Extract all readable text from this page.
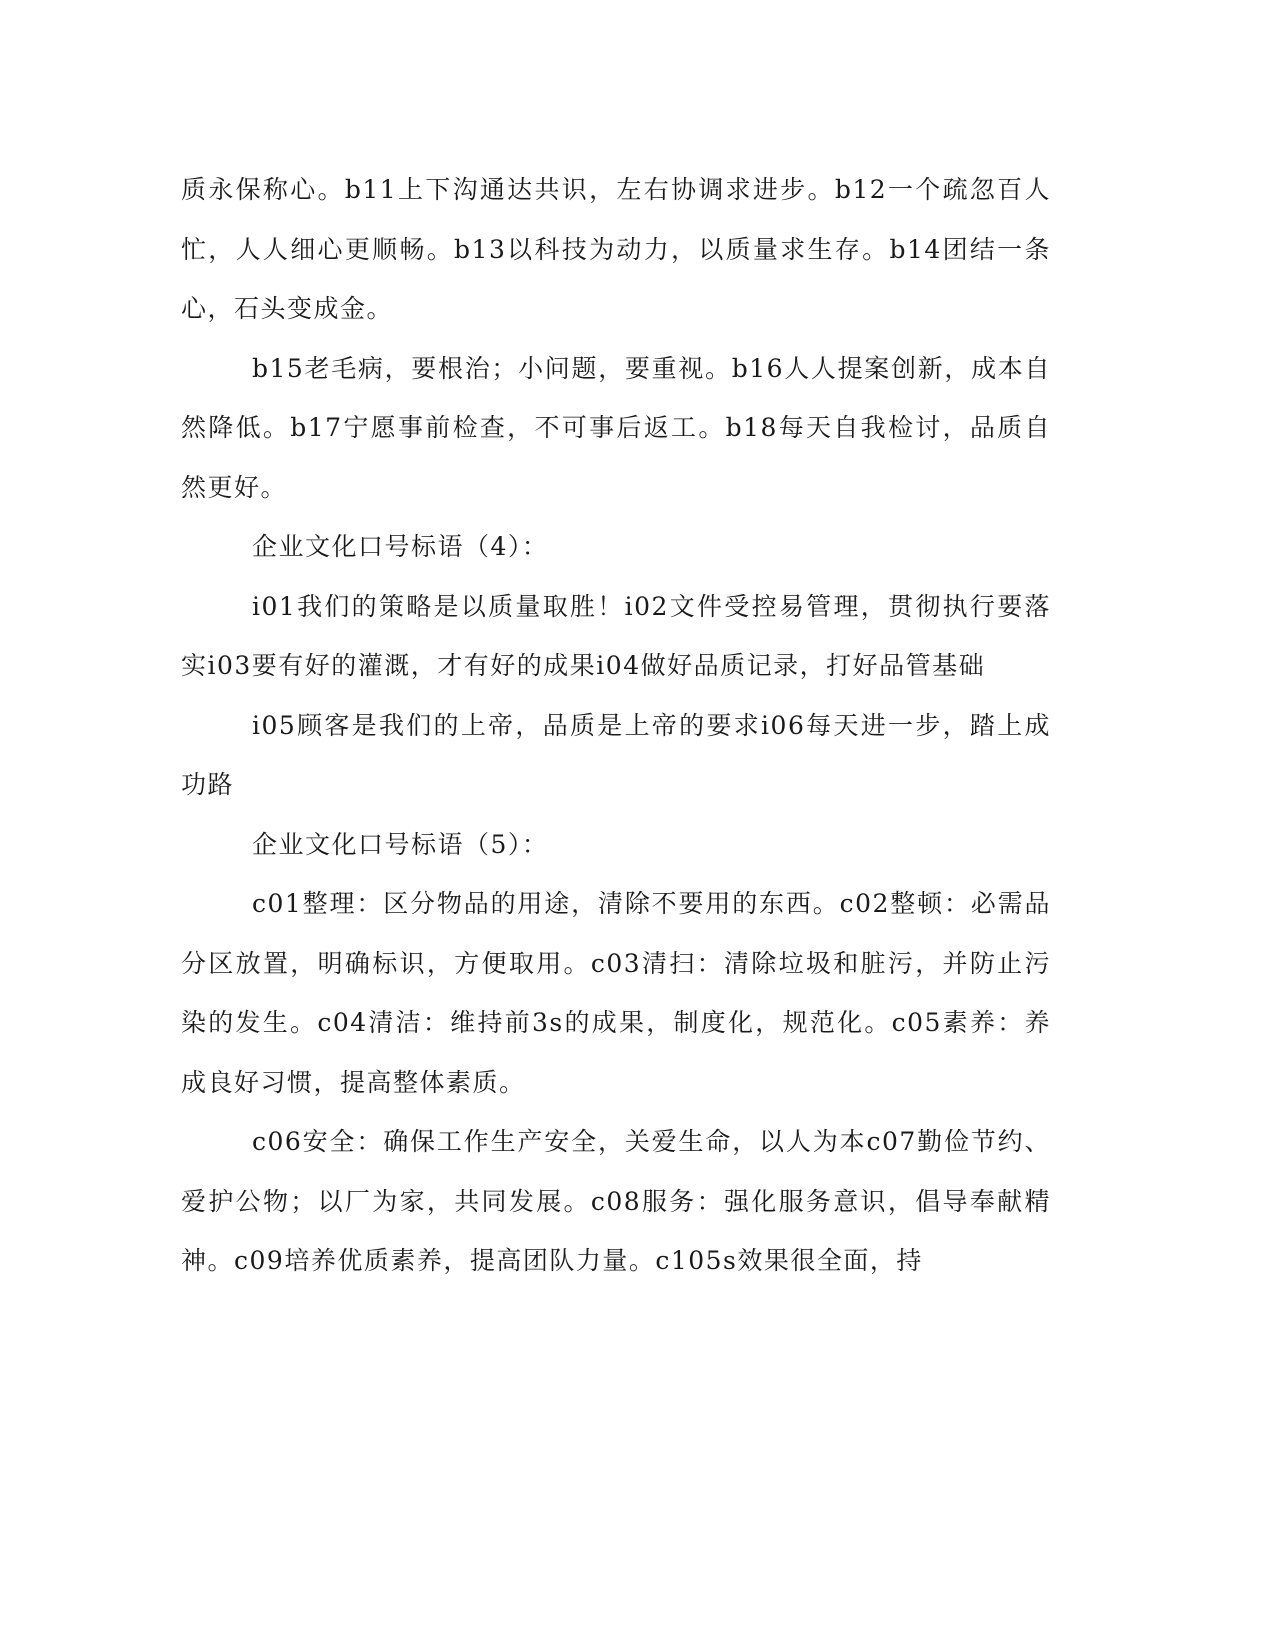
质永保称心。b11上下沟通达共识，左右协调求进步。b12一个疏忽百人忙，人人细心更顺畅。b13以科技为动力，以质量求生存。b14团结一条心，石头变成金。

b15老毛病，要根治；小问题，要重视。b16人人提案创新，成本自然降低。b17宁愿事前检查，不可事后返工。b18每天自我检讨，品质自然更好。

企业文化口号标语（4）：

i01我们的策略是以质量取胜！i02文件受控易管理，贯彻执行要落实i03要有好的灌溉，才有好的成果i04做好品质记录，打好品管基础

i05顾客是我们的上帝，品质是上帝的要求i06每天进一步，踏上成功路

企业文化口号标语（5）：

c01整理：区分物品的用途，清除不要用的东西。c02整顿：必需品分区放置，明确标识，方便取用。c03清扫：清除垃圾和脏污，并防止污染的发生。c04清洁：维持前3s的成果，制度化，规范化。c05素养：养成良好习惯，提高整体素质。

c06安全：确保工作生产安全，关爱生命，以人为本c07勤俭节约、爱护公物；以厂为家，共同发展。c08服务：强化服务意识，倡导奉献精神。c09培养优质素养，提高团队力量。c105s效果很全面，持
